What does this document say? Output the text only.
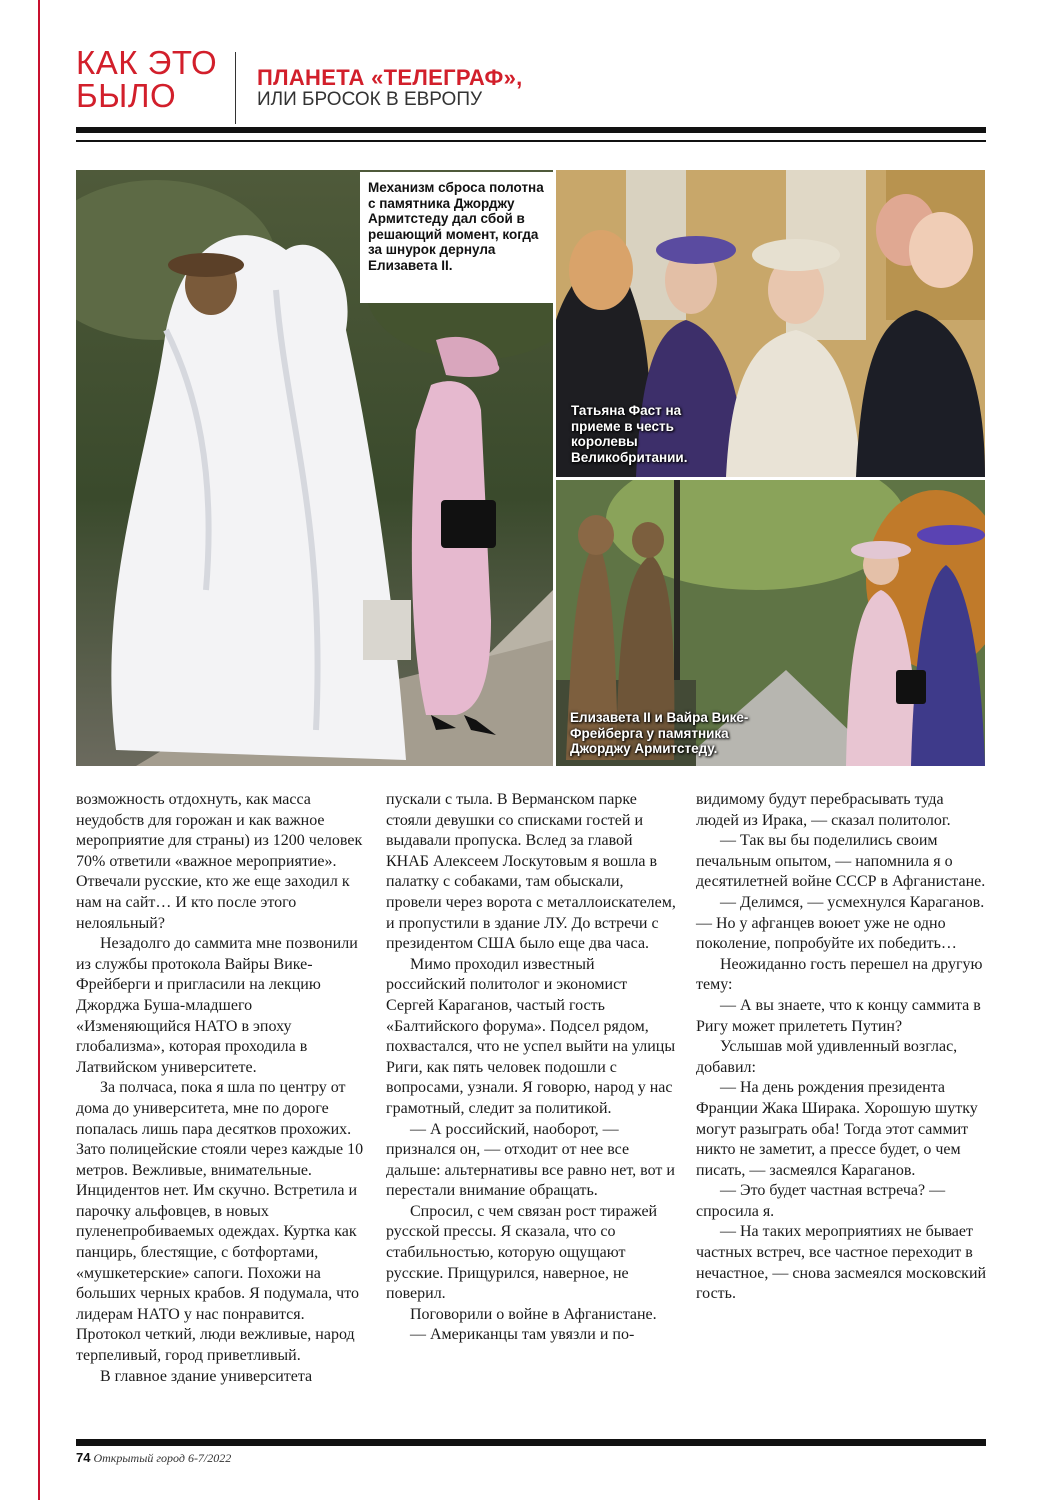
КАК ЭТО
БЫЛО	ПЛАНЕТА «ТЕЛЕГРАФ»,
ИЛИ БРОСОК В ЕВРОПУ

Механизм сброса полотна с памятника Джорджу Армитстеду дал сбой в решающий момент, когда за шнурок дернула Елизавета II.

Татьяна Фаст на приеме в честь королевы Великобритании.

Елизавета II и Вайра Вике-Фрейберга у памятника Джорджу Армитстеду.

возможность отдохнуть, как масса неудобств для горожан и как важное мероприятие для страны) из 1200 человек 70% ответили «важное мероприятие». Отвечали русские, кто же еще заходил к нам на сайт… И кто после этого нелояльный?

Незадолго до саммита мне позвонили из службы протокола Вайры Вике-Фрейберги и пригласили на лекцию Джорджа Буша-младшего «Изменяющийся НАТО в эпоху глобализма», которая проходила в Латвийском университете.

За полчаса, пока я шла по центру от дома до университета, мне по дороге попалась лишь пара десятков прохожих. Зато полицейские стояли через каждые 10 метров. Вежливые, внимательные. Инцидентов нет. Им скучно. Встретила и парочку альфовцев, в новых пуленепробиваемых одеждах. Куртка как панцирь, блестящие, с ботфортами, «мушкетерские» сапоги. Похожи на больших черных крабов. Я подумала, что лидерам НАТО у нас понравится. Протокол четкий, люди вежливые, народ терпеливый, город приветливый.

В главное здание университета

пускали с тыла. В Верманском парке стояли девушки со списками гостей и выдавали пропуска. Вслед за главой КНАБ Алексеем Лоскутовым я вошла в палатку с собаками, там обыскали, провели через ворота с металлоискателем, и пропустили в здание ЛУ. До встречи с президентом США было еще два часа.

Мимо проходил известный российский политолог и экономист Сергей Караганов, частый гость «Балтийского форума». Подсел рядом, похвастался, что не успел выйти на улицы Риги, как пять человек подошли с вопросами, узнали. Я говорю, народ у нас грамотный, следит за политикой.

— А российский, наоборот, — признался он, — отходит от нее все дальше: альтернативы все равно нет, вот и перестали внимание обращать.

Спросил, с чем связан рост тиражей русской прессы. Я сказала, что со стабильностью, которую ощущают русские. Прищурился, наверное, не поверил.

Поговорили о войне в Афганистане.

— Американцы там увязли и по-

видимому будут перебрасывать туда людей из Ирака, — сказал политолог.

— Так вы бы поделились своим печальным опытом, — напомнила я о десятилетней войне СССР в Афганистане.

— Делимся, — усмехнулся Караганов. — Но у афганцев воюет уже не одно поколение, попробуйте их победить…

Неожиданно гость перешел на другую тему:

— А вы знаете, что к концу саммита в Ригу может прилететь Путин?

Услышав мой удивленный возглас, добавил:

— На день рождения президента Франции Жака Ширака. Хорошую шутку могут разыграть оба! Тогда этот саммит никто не заметит, а прессе будет, о чем писать, — засмеялся Караганов.

— Это будет частная встреча? — спросила я.

— На таких мероприятиях не бывает частных встреч, все частное переходит в нечастное, — снова засмеялся московский гость.

74 Открытый город 6-7/2022
